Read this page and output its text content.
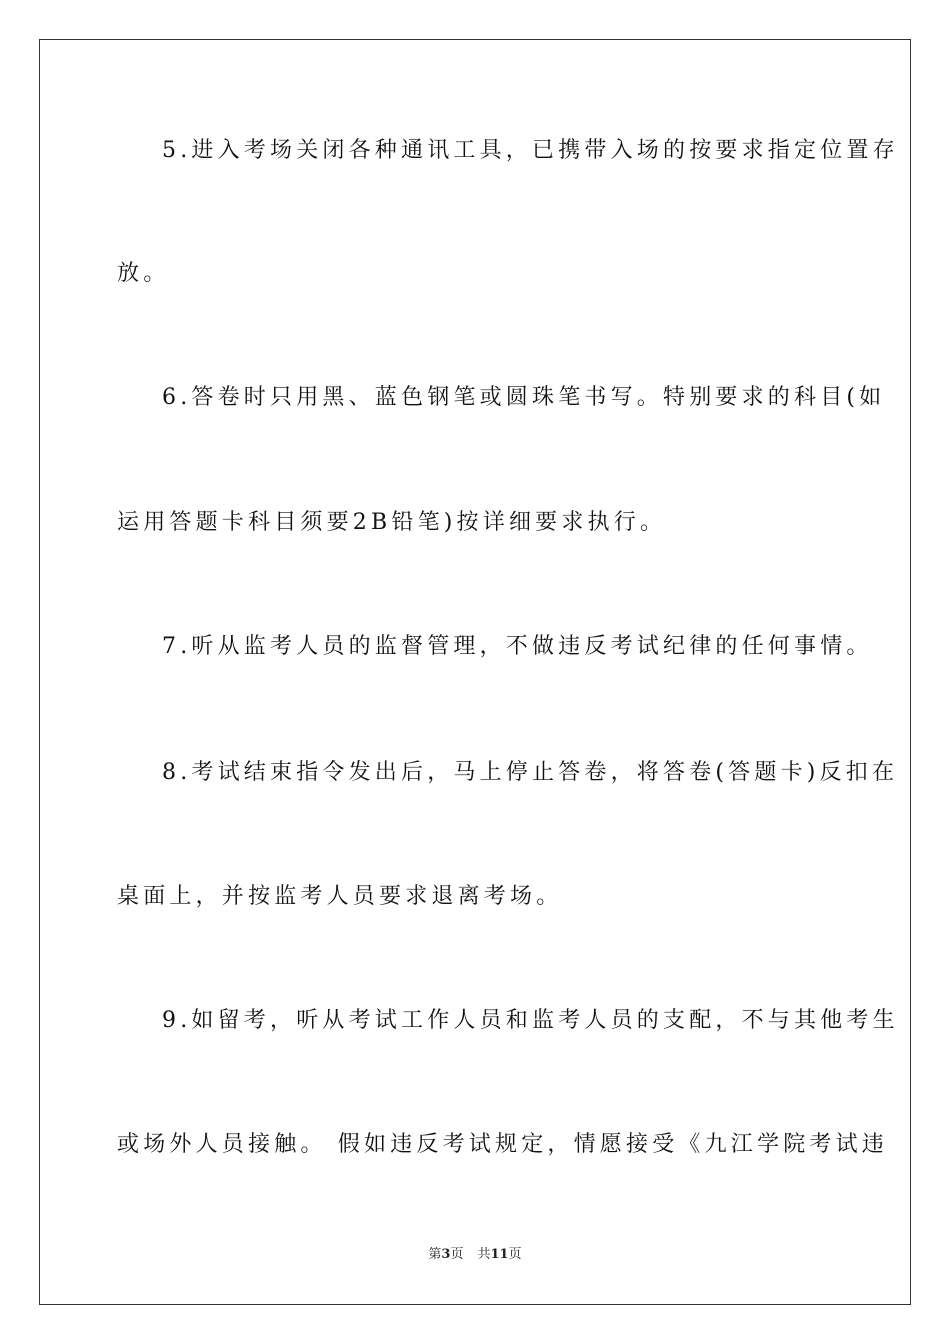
5.进入考场关闭各种通讯工具，已携带入场的按要求指定位置存
放。
6.答卷时只用黑、蓝色钢笔或圆珠笔书写。特别要求的科目(如
运用答题卡科目须要2B铅笔)按详细要求执行。
7.听从监考人员的监督管理，不做违反考试纪律的任何事情。
8.考试结束指令发出后，马上停止答卷，将答卷(答题卡)反扣在
桌面上，并按监考人员要求退离考场。
9.如留考，听从考试工作人员和监考人员的支配，不与其他考生
或场外人员接触。 假如违反考试规定，情愿接受《九江学院考试违
第3页 共11页
